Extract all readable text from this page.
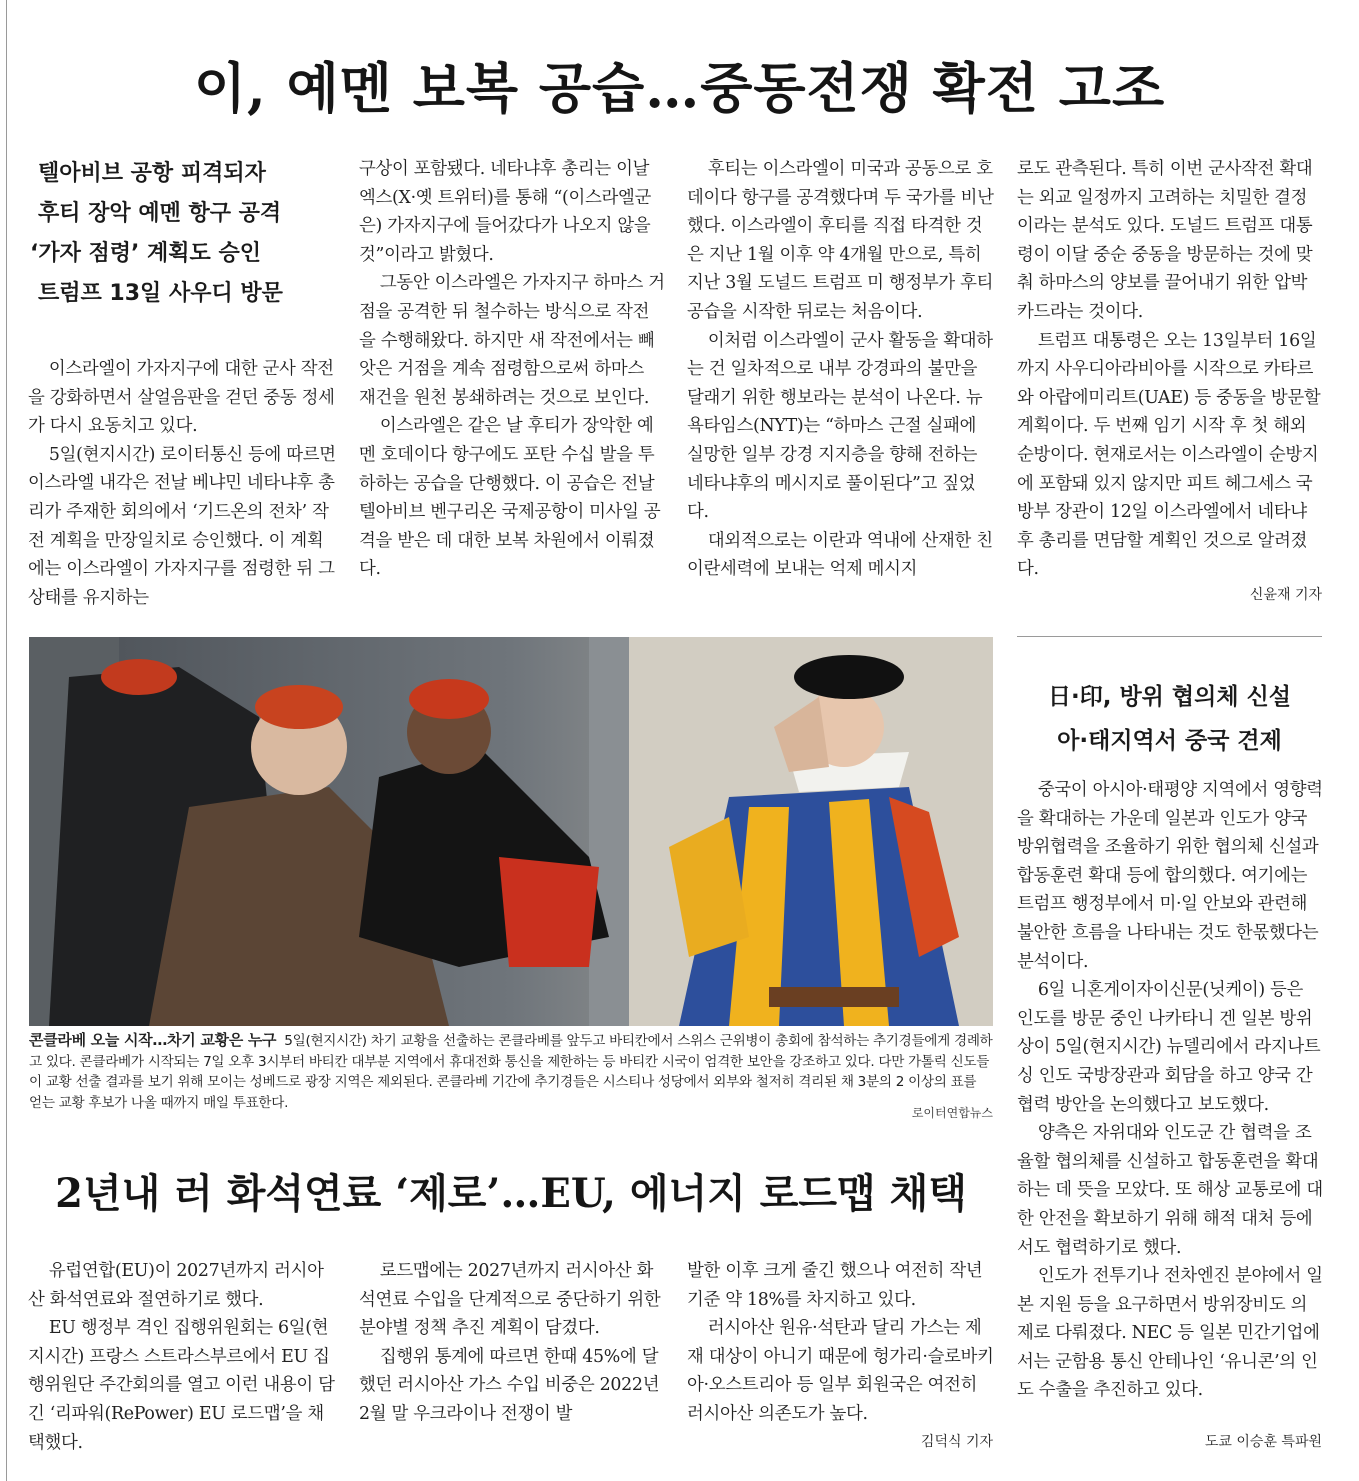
이, 예멘 보복 공습…중동전쟁 확전 고조
텔아비브 공항 피격되자
후티 장악 예멘 항구 공격
‘가자 점령’ 계획도 승인
트럼프 13일 사우디 방문

이스라엘이 가자지구에 대한 군사 작전을 강화하면서 살얼음판을 걷던 중동 정세가 다시 요동치고 있다.

5일(현지시간) 로이터통신 등에 따르면 이스라엘 내각은 전날 베냐민 네타냐후 총리가 주재한 회의에서 ‘기드온의 전차’ 작전 계획을 만장일치로 승인했다. 이 계획에는 이스라엘이 가자지구를 점령한 뒤 그 상태를 유지하는

구상이 포함됐다. 네타냐후 총리는 이날 엑스(X·옛 트위터)를 통해 “(이스라엘군은) 가자지구에 들어갔다가 나오지 않을 것”이라고 밝혔다.

그동안 이스라엘은 가자지구 하마스 거점을 공격한 뒤 철수하는 방식으로 작전을 수행해왔다. 하지만 새 작전에서는 빼앗은 거점을 계속 점령함으로써 하마스 재건을 원천 봉쇄하려는 것으로 보인다.

이스라엘은 같은 날 후티가 장악한 예멘 호데이다 항구에도 포탄 수십 발을 투하하는 공습을 단행했다. 이 공습은 전날 텔아비브 벤구리온 국제공항이 미사일 공격을 받은 데 대한 보복 차원에서 이뤄졌다.

후티는 이스라엘이 미국과 공동으로 호데이다 항구를 공격했다며 두 국가를 비난했다. 이스라엘이 후티를 직접 타격한 것은 지난 1월 이후 약 4개월 만으로, 특히 지난 3월 도널드 트럼프 미 행정부가 후티 공습을 시작한 뒤로는 처음이다.

이처럼 이스라엘이 군사 활동을 확대하는 건 일차적으로 내부 강경파의 불만을 달래기 위한 행보라는 분석이 나온다. 뉴욕타임스(NYT)는 “하마스 근절 실패에 실망한 일부 강경 지지층을 향해 전하는 네타냐후의 메시지로 풀이된다”고 짚었다.

대외적으로는 이란과 역내에 산재한 친이란세력에 보내는 억제 메시지

로도 관측된다. 특히 이번 군사작전 확대는 외교 일정까지 고려하는 치밀한 결정이라는 분석도 있다. 도널드 트럼프 대통령이 이달 중순 중동을 방문하는 것에 맞춰 하마스의 양보를 끌어내기 위한 압박 카드라는 것이다.

트럼프 대통령은 오는 13일부터 16일까지 사우디아라비아를 시작으로 카타르와 아랍에미리트(UAE) 등 중동을 방문할 계획이다. 두 번째 임기 시작 후 첫 해외 순방이다. 현재로서는 이스라엘이 순방지에 포함돼 있지 않지만 피트 헤그세스 국방부 장관이 12일 이스라엘에서 네타냐후 총리를 면담할 계획인 것으로 알려졌다.

신윤재 기자
콘클라베 오늘 시작…차기 교황은 누구 5일(현지시간) 차기 교황을 선출하는 콘클라베를 앞두고 바티칸에서 스위스 근위병이 총회에 참석하는 추기경들에게 경례하고 있다. 콘클라베가 시작되는 7일 오후 3시부터 바티칸 대부분 지역에서 휴대전화 통신을 제한하는 등 바티칸 시국이 엄격한 보안을 강조하고 있다. 다만 가톨릭 신도들이 교황 선출 결과를 보기 위해 모이는 성베드로 광장 지역은 제외된다. 콘클라베 기간에 추기경들은 시스티나 성당에서 외부와 철저히 격리된 채 3분의 2 이상의 표를 얻는 교황 후보가 나올 때까지 매일 투표한다.
로이터연합뉴스
日·印, 방위 협의체 신설
아·태지역서 중국 견제

중국이 아시아·태평양 지역에서 영향력을 확대하는 가운데 일본과 인도가 양국 방위협력을 조율하기 위한 협의체 신설과 합동훈련 확대 등에 합의했다. 여기에는 트럼프 행정부에서 미·일 안보와 관련해 불안한 흐름을 나타내는 것도 한몫했다는 분석이다.

6일 니혼게이자이신문(닛케이) 등은 인도를 방문 중인 나카타니 겐 일본 방위상이 5일(현지시간) 뉴델리에서 라지나트 싱 인도 국방장관과 회담을 하고 양국 간 협력 방안을 논의했다고 보도했다.

양측은 자위대와 인도군 간 협력을 조율할 협의체를 신설하고 합동훈련을 확대하는 데 뜻을 모았다. 또 해상 교통로에 대한 안전을 확보하기 위해 해적 대처 등에서도 협력하기로 했다.

인도가 전투기나 전차엔진 분야에서 일본 지원 등을 요구하면서 방위장비도 의제로 다뤄졌다. NEC 등 일본 민간기업에서는 군함용 통신 안테나인 ‘유니콘’의 인도 수출을 추진하고 있다.

도쿄 이승훈 특파원
2년내 러 화석연료 ‘제로’…EU, 에너지 로드맵 채택

유럽연합(EU)이 2027년까지 러시아산 화석연료와 절연하기로 했다.

EU 행정부 격인 집행위원회는 6일(현지시간) 프랑스 스트라스부르에서 EU 집행위원단 주간회의를 열고 이런 내용이 담긴 ‘리파워(RePower) EU 로드맵’을 채택했다.

로드맵에는 2027년까지 러시아산 화석연료 수입을 단계적으로 중단하기 위한 분야별 정책 추진 계획이 담겼다.

집행위 통계에 따르면 한때 45%에 달했던 러시아산 가스 수입 비중은 2022년 2월 말 우크라이나 전쟁이 발

발한 이후 크게 줄긴 했으나 여전히 작년 기준 약 18%를 차지하고 있다.

러시아산 원유·석탄과 달리 가스는 제재 대상이 아니기 때문에 헝가리·슬로바키아·오스트리아 등 일부 회원국은 여전히 러시아산 의존도가 높다.

김덕식 기자
